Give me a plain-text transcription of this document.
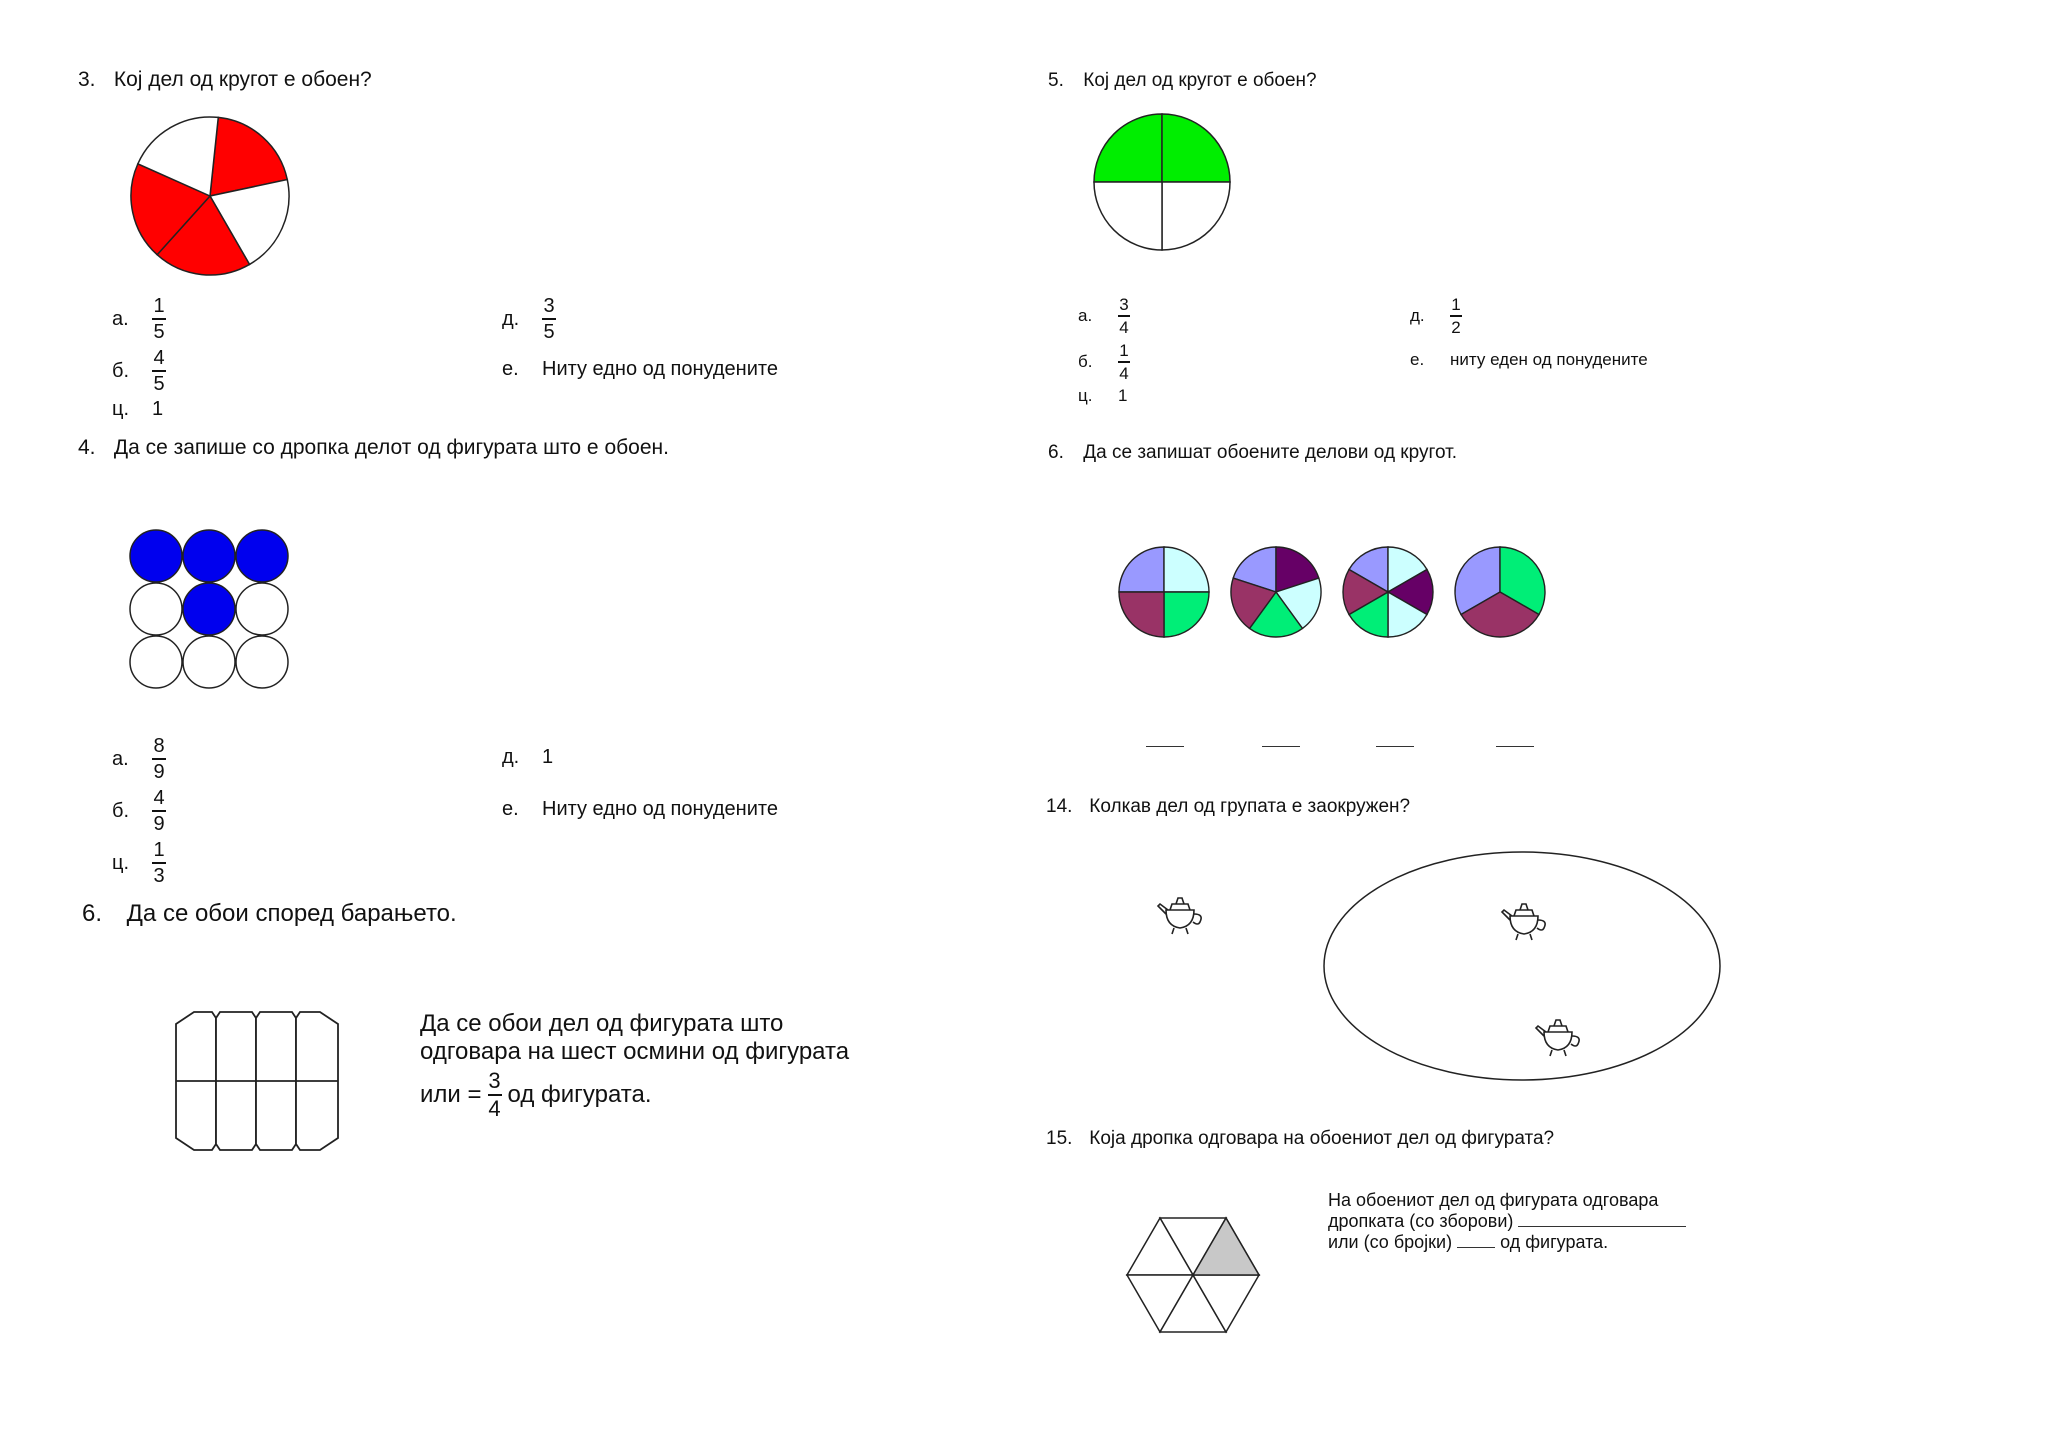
3. Кој дел од кругот е обоен?
а.	$\frac{1}{5}$
б.	$\frac{4}{5}$
ц.	1
д.	$\frac{3}{5}$
е.	Ниту едно од понудените
4. Да се запише со дропка делот од фигурата што е обоен.
а.	$\frac{8}{9}$
б.	$\frac{4}{9}$
ц.	$\frac{1}{3}$
д.	1
е.	Ниту едно од понудените
6. Да се обои според барањето.
Да се обои дел од фигурата што
одговара на шест осмини од фигурата
или = $\frac{3}{4}$ од фигурата.
5. Кој дел од кругот е обоен?
а.	$\frac{3}{4}$
б.	$\frac{1}{4}$
ц.	1
д.	$\frac{1}{2}$
е.	ниту еден од понудените
6. Да се запишат обоените делови од кругот.
14. Колкав дел од групата е заокружен?
15. Која дропка одговара на обоениот дел од фигурата?
На обоениот дел од фигурата одговара
дропката (со зборови)
или (со бројки)	од фигурата.
